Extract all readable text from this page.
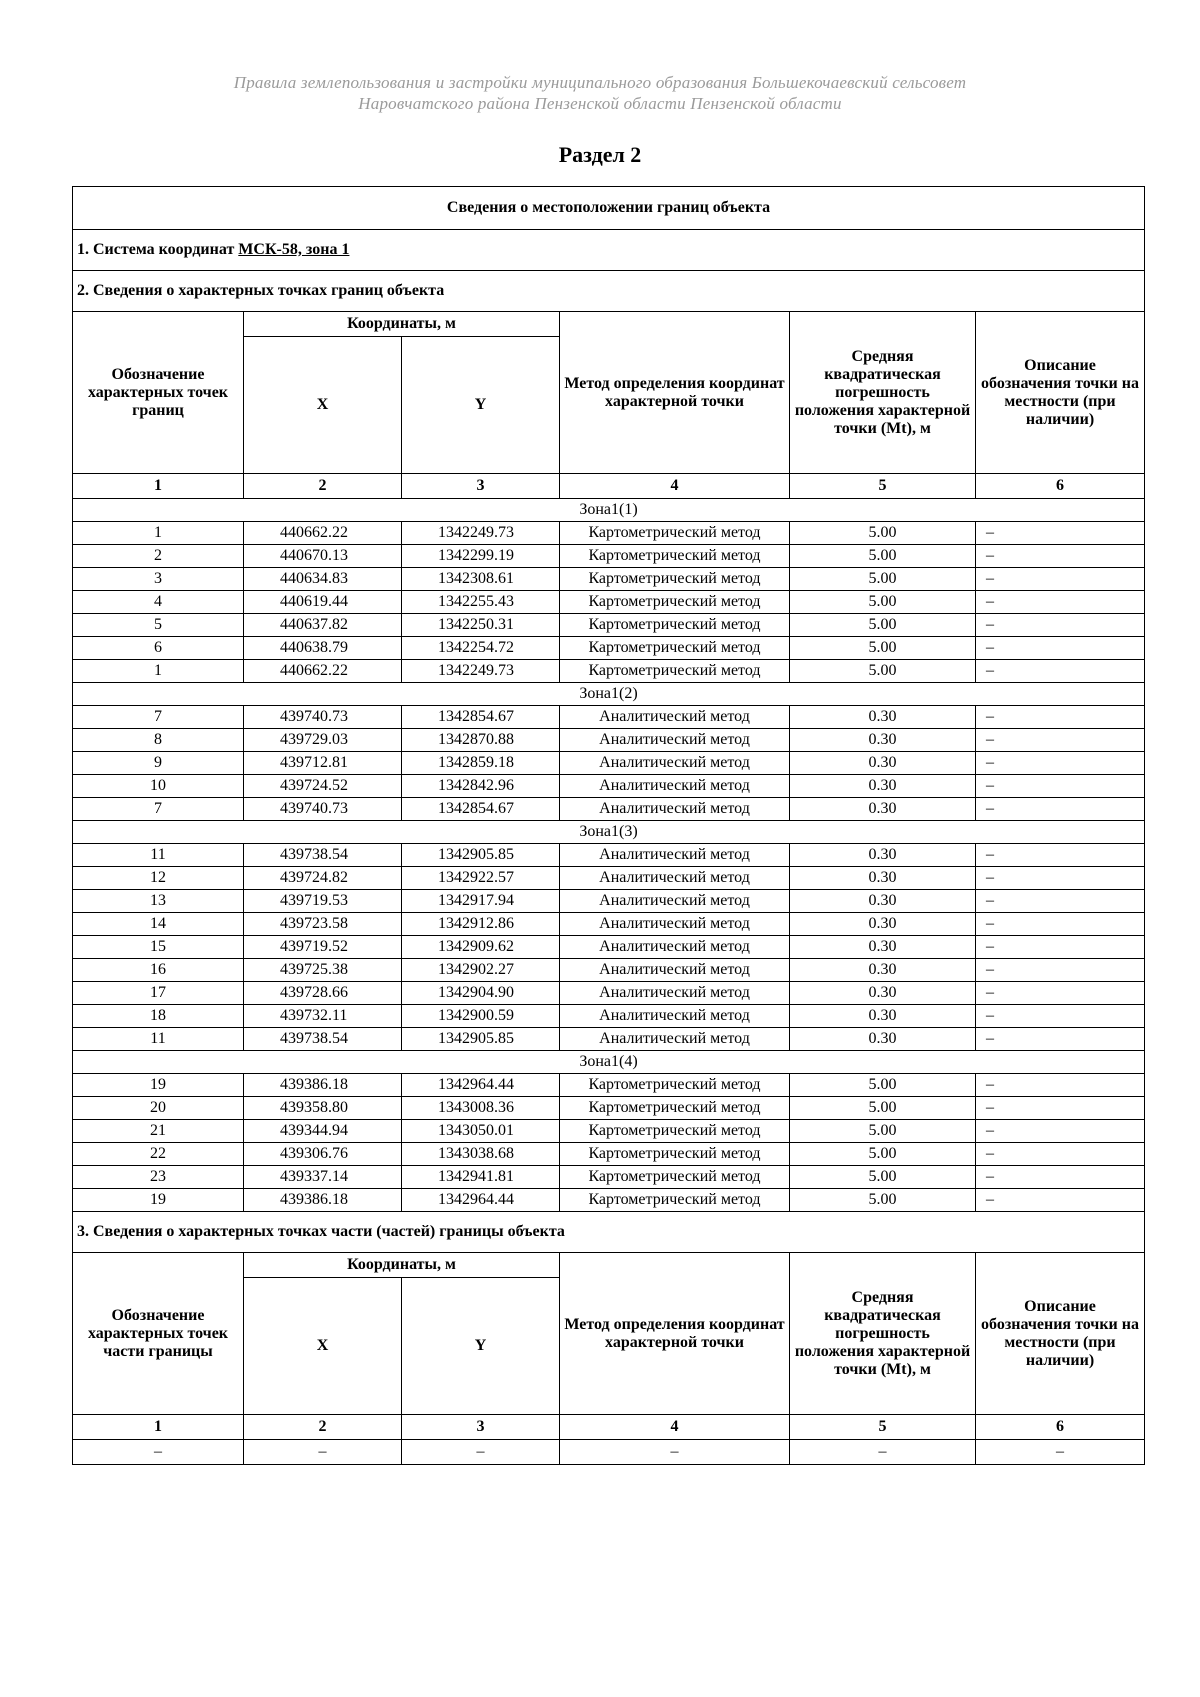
Правила землепользования и застройки муниципального образования Большекочаевский сельсовет
Наровчатского района Пензенской области Пензенской области
Раздел 2
Сведения о местоположении границ объекта					
1. Система координат МСК-58, зона 1					
2. Сведения о характерных точках границ объекта					
Обозначение характерных точек границ	Координаты, м		Метод определения координат характерной точки	Средняя квадратическая погрешность положения характерной точки (Mt), м	Описание обозначения точки на местности (при наличии)
	X	Y			
1	2	3	4	5	6
Зона1(1)					
1	440662.22	1342249.73	Картометрический метод	5.00	–
2	440670.13	1342299.19	Картометрический метод	5.00	–
3	440634.83	1342308.61	Картометрический метод	5.00	–
4	440619.44	1342255.43	Картометрический метод	5.00	–
5	440637.82	1342250.31	Картометрический метод	5.00	–
6	440638.79	1342254.72	Картометрический метод	5.00	–
1	440662.22	1342249.73	Картометрический метод	5.00	–
Зона1(2)					
7	439740.73	1342854.67	Аналитический метод	0.30	–
8	439729.03	1342870.88	Аналитический метод	0.30	–
9	439712.81	1342859.18	Аналитический метод	0.30	–
10	439724.52	1342842.96	Аналитический метод	0.30	–
7	439740.73	1342854.67	Аналитический метод	0.30	–
Зона1(3)					
11	439738.54	1342905.85	Аналитический метод	0.30	–
12	439724.82	1342922.57	Аналитический метод	0.30	–
13	439719.53	1342917.94	Аналитический метод	0.30	–
14	439723.58	1342912.86	Аналитический метод	0.30	–
15	439719.52	1342909.62	Аналитический метод	0.30	–
16	439725.38	1342902.27	Аналитический метод	0.30	–
17	439728.66	1342904.90	Аналитический метод	0.30	–
18	439732.11	1342900.59	Аналитический метод	0.30	–
11	439738.54	1342905.85	Аналитический метод	0.30	–
Зона1(4)					
19	439386.18	1342964.44	Картометрический метод	5.00	–
20	439358.80	1343008.36	Картометрический метод	5.00	–
21	439344.94	1343050.01	Картометрический метод	5.00	–
22	439306.76	1343038.68	Картометрический метод	5.00	–
23	439337.14	1342941.81	Картометрический метод	5.00	–
19	439386.18	1342964.44	Картометрический метод	5.00	–
3. Сведения о характерных точках части (частей) границы объекта					
Обозначение характерных точек части границы	Координаты, м		Метод определения координат характерной точки	Средняя квадратическая погрешность положения характерной точки (Mt), м	Описание обозначения точки на местности (при наличии)
	X	Y			
1	2	3	4	5	6
–	–	–	–	–	–
